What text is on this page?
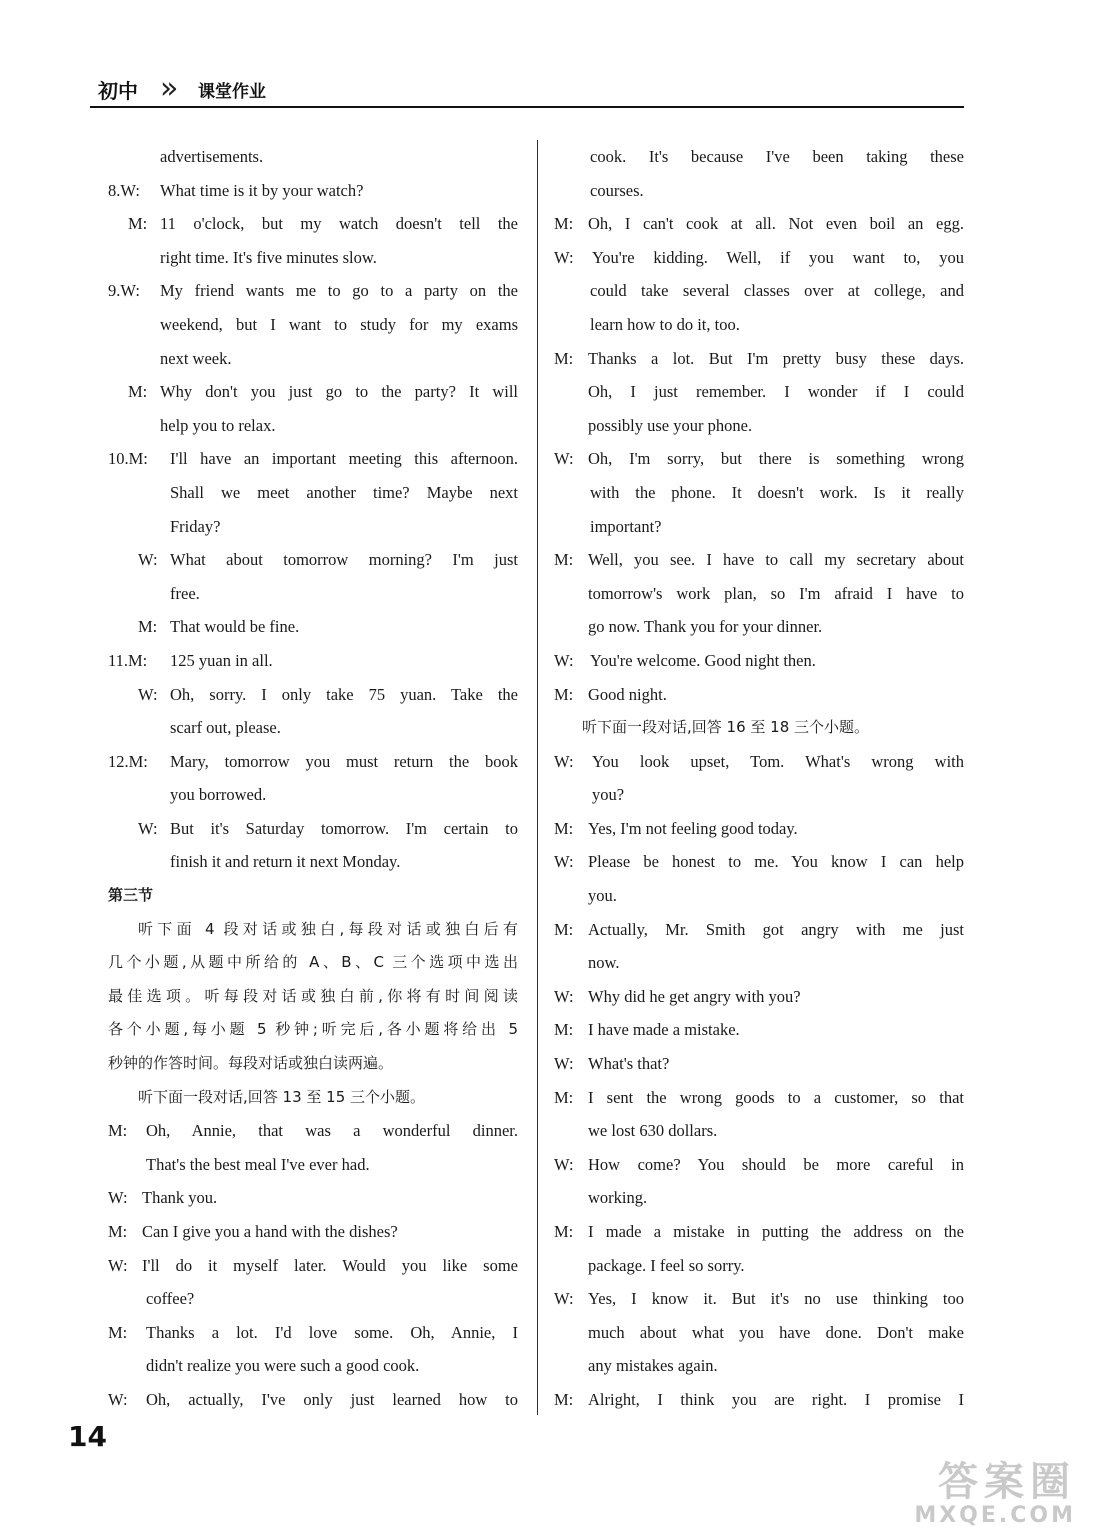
初中 » 课堂作业
advertisements.
8.W: What time is it by your watch?
M: 11 o'clock, but my watch doesn't tell the
right time. It's five minutes slow.
9.W: My friend wants me to go to a party on the
weekend, but I want to study for my exams
next week.
M: Why don't you just go to the party? It will
help you to relax.
10.M: I'll have an important meeting this afternoon.
Shall we meet another time? Maybe next
Friday?
W: What about tomorrow morning? I'm just
free.
M: That would be fine.
11.M: 125 yuan in all.
W: Oh, sorry. I only take 75 yuan. Take the
scarf out, please.
12.M: Mary, tomorrow you must return the book
you borrowed.
W: But it's Saturday tomorrow. I'm certain to
finish it and return it next Monday.
第三节
听下面 4 段对话或独白,每段对话或独白后有
几个小题,从题中所给的 A、B、C 三个选项中选出
最佳选项。听每段对话或独白前,你将有时间阅读
各个小题,每小题 5 秒钟;听完后,各小题将给出 5
秒钟的作答时间。每段对话或独白读两遍。
听下面一段对话,回答 13 至 15 三个小题。
M: Oh, Annie, that was a wonderful dinner.
That's the best meal I've ever had.
W: Thank you.
M: Can I give you a hand with the dishes?
W: I'll do it myself later. Would you like some
coffee?
M: Thanks a lot. I'd love some. Oh, Annie, I
didn't realize you were such a good cook.
W: Oh, actually, I've only just learned how to
cook. It's because I've been taking these
courses.
M: Oh, I can't cook at all. Not even boil an egg.
W: You're kidding. Well, if you want to, you
could take several classes over at college, and
learn how to do it, too.
M: Thanks a lot. But I'm pretty busy these days.
Oh, I just remember. I wonder if I could
possibly use your phone.
W: Oh, I'm sorry, but there is something wrong
with the phone. It doesn't work. Is it really
important?
M: Well, you see. I have to call my secretary about
tomorrow's work plan, so I'm afraid I have to
go now. Thank you for your dinner.
W: You're welcome. Good night then.
M: Good night.
听下面一段对话,回答 16 至 18 三个小题。
W: You look upset, Tom. What's wrong with
you?
M: Yes, I'm not feeling good today.
W: Please be honest to me. You know I can help
you.
M: Actually, Mr. Smith got angry with me just
now.
W: Why did he get angry with you?
M: I have made a mistake.
W: What's that?
M: I sent the wrong goods to a customer, so that
we lost 630 dollars.
W: How come? You should be more careful in
working.
M: I made a mistake in putting the address on the
package. I feel so sorry.
W: Yes, I know it. But it's no use thinking too
much about what you have done. Don't make
any mistakes again.
M: Alright, I think you are right. I promise I
14
答案圈
MXQE.COM
